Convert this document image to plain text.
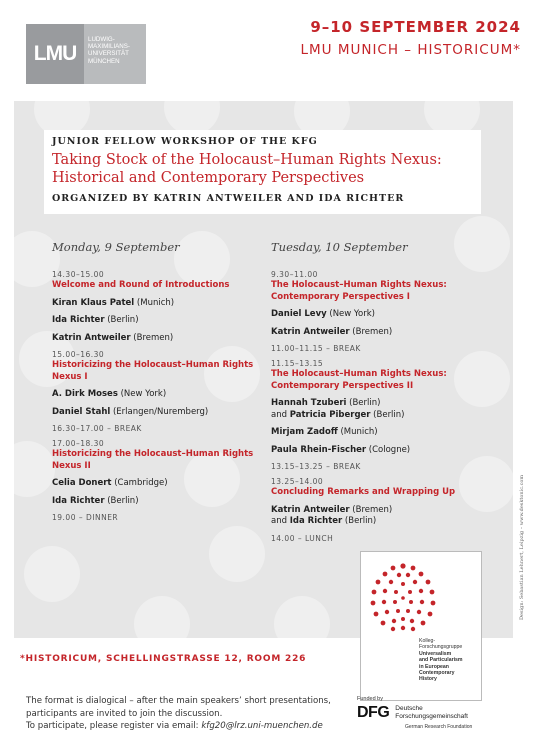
LMU
LUDWIG-
MAXIMILIANS-
UNIVERSITÄT
MÜNCHEN
9–10 SEPTEMBER 2024
LMU MUNICH – HISTORICUM*
JUNIOR FELLOW WORKSHOP OF THE KFG
Taking Stock of the Holocaust–Human Rights Nexus:
Historical and Contemporary Perspectives
ORGANIZED BY KATRIN ANTWEILER AND IDA RICHTER
Monday, 9 September
14.30–15.00
Welcome and Round of Introductions
Kiran Klaus Patel (Munich)
Ida Richter (Berlin)
Katrin Antweiler (Bremen)
15.00–16.30
Historicizing the Holocaust–Human Rights
Nexus I
A. Dirk Moses (New York)
Daniel Stahl (Erlangen/Nuremberg)
16.30–17.00 – BREAK
17.00–18.30
Historicizing the Holocaust–Human Rights
Nexus II
Celia Donert (Cambridge)
Ida Richter (Berlin)
19.00 – DINNER
Tuesday, 10 September
9.30–11.00
The Holocaust–Human Rights Nexus:
Contemporary Perspectives I
Daniel Levy (New York)
Katrin Antweiler (Bremen)
11.00–11.15 – BREAK
11.15–13.15
The Holocaust–Human Rights Nexus:
Contemporary Perspectives II
Hannah Tzuberi (Berlin)
and Patricia Piberger (Berlin)
Mirjam Zadoff (Munich)
Paula Rhein-Fischer (Cologne)
13.15–13.25 – BREAK
13.25–14.00
Concluding Remarks and Wrapping Up
Katrin Antweiler (Bremen)
and Ida Richter (Berlin)
14.00 – LUNCH
Kolleg-
Forschungsgruppe
Universalism
and Particularism
in European
Contemporary
History
*HISTORICUM, SCHELLINGSTRASSE 12, ROOM 226
The format is dialogical – after the main speakers’ short presentations,
participants are invited to join the discussion.
To participate, please register via email: kfg20@lrz.uni-muenchen.de
Funded by
DFG Deutsche
Forschungsgemeinschaft
German Research Foundation
Design: Sebastian Lehnert, Leipzig – www.desktonic.com
